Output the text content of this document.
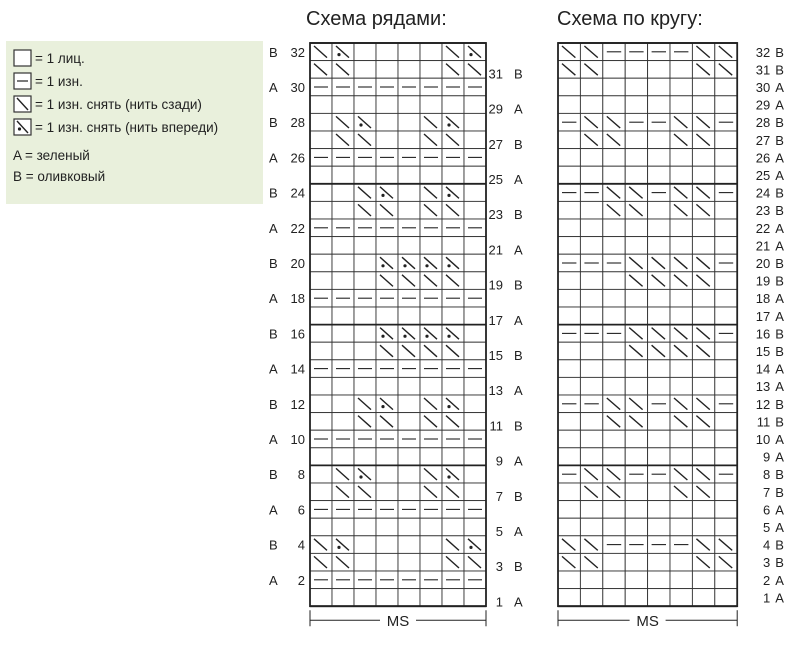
= 1 лиц.
= 1 изн.
= 1 изн. снять (нить сзади)
= 1 изн. снять (нить впереди)
A = зеленый
B = оливковый
Схема рядами:	Схема по кругу:
B 32
31 B
A 30
29 A
B 28
27 B
A 26
25 A
B 24
23 B
A 22
21 A
B 20
19 B
A 18
17 A
B 16
15 B
A 14
13 A
B 12
11 B
A 10
9 A
B 8
7 B
A 6
5 A
B 4
3 B
A 2
1 A
MS
32 B
31 B
30 A
29 A
28 B
27 B
26 A
25 A
24 B
23 B
22 A
21 A
20 B
19 B
18 A
17 A
16 B
15 B
14 A
13 A
12 B
11 B
10 A
9 A
8 B
7 B
6 A
5 A
4 B
3 B
2 A
1 A
MS
